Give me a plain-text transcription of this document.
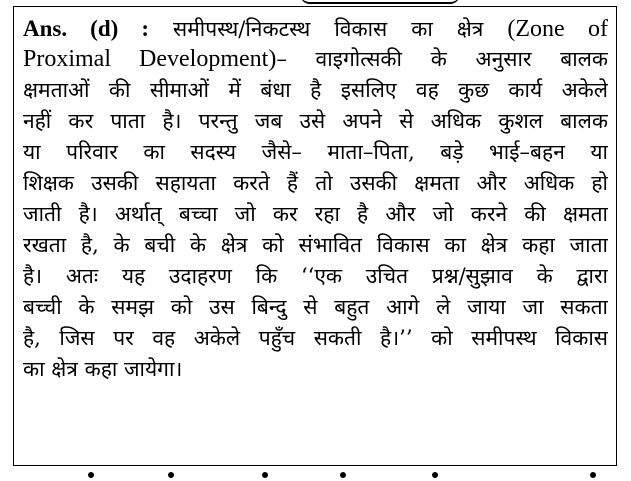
Ans. (d) : समीपस्थ/निकटस्थ विकास का क्षेत्र (Zone of
Proximal Development)– वाइगोत्सकी के अनुसार बालक
क्षमताओं की सीमाओं में बंधा है इसलिए वह कुछ कार्य अकेले
नहीं कर पाता है। परन्तु जब उसे अपने से अधिक कुशल बालक
या परिवार का सदस्य जैसे– माता–पिता, बड़े भाई–बहन या
शिक्षक उसकी सहायता करते हैं तो उसकी क्षमता और अधिक हो
जाती है। अर्थात् बच्चा जो कर रहा है और जो करने की क्षमता
रखता है, के बची के क्षेत्र को संभावित विकास का क्षेत्र कहा जाता
है। अतः यह उदाहरण कि ‘‘एक उचित प्रश्न/सुझाव के द्वारा
बच्ची के समझ को उस बिन्दु से बहुत आगे ले जाया जा सकता
है, जिस पर वह अकेले पहुँच सकती है।’’ को समीपस्थ विकास
का क्षेत्र कहा जायेगा।
